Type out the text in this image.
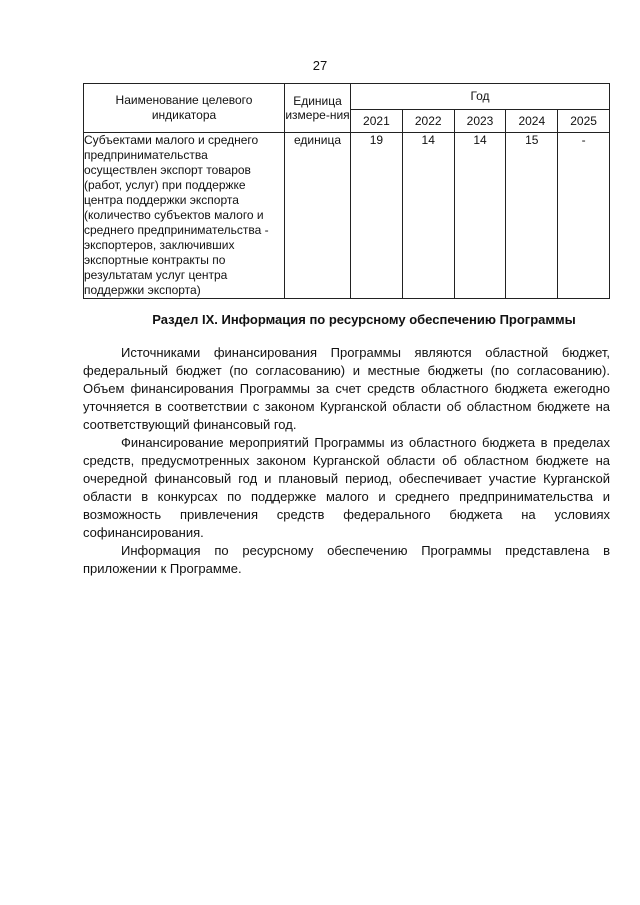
27
Наименование целевого индикатора	Единица измере-ния	Год				
		2021	2022	2023	2024	2025
Субъектами малого и среднего предпринимательства осуществлен экспорт товаров (работ, услуг) при поддержке центра поддержки экспорта (количество субъектов малого и среднего предпринимательства - экспортеров, заключивших экспортные контракты по результатам услуг центра поддержки экспорта)	единица	19	14	14	15	-
Раздел IX. Информация по ресурсному обеспечению Программы

Источниками финансирования Программы являются областной бюджет, федеральный бюджет (по согласованию) и местные бюджеты (по согласованию). Объем финансирования Программы за счет средств областного бюджета ежегодно уточняется в соответствии с законом Курганской области об областном бюджете на соответствующий финансовый год.

Финансирование мероприятий Программы из областного бюджета в пределах средств, предусмотренных законом Курганской области об областном бюджете на очередной финансовый год и плановый период, обеспечивает участие Курганской области в конкурсах по поддержке малого и среднего предпринимательства и возможность привлечения средств федерального бюджета на условиях софинансирования.

Информация по ресурсному обеспечению Программы представлена в приложении к Программе.
